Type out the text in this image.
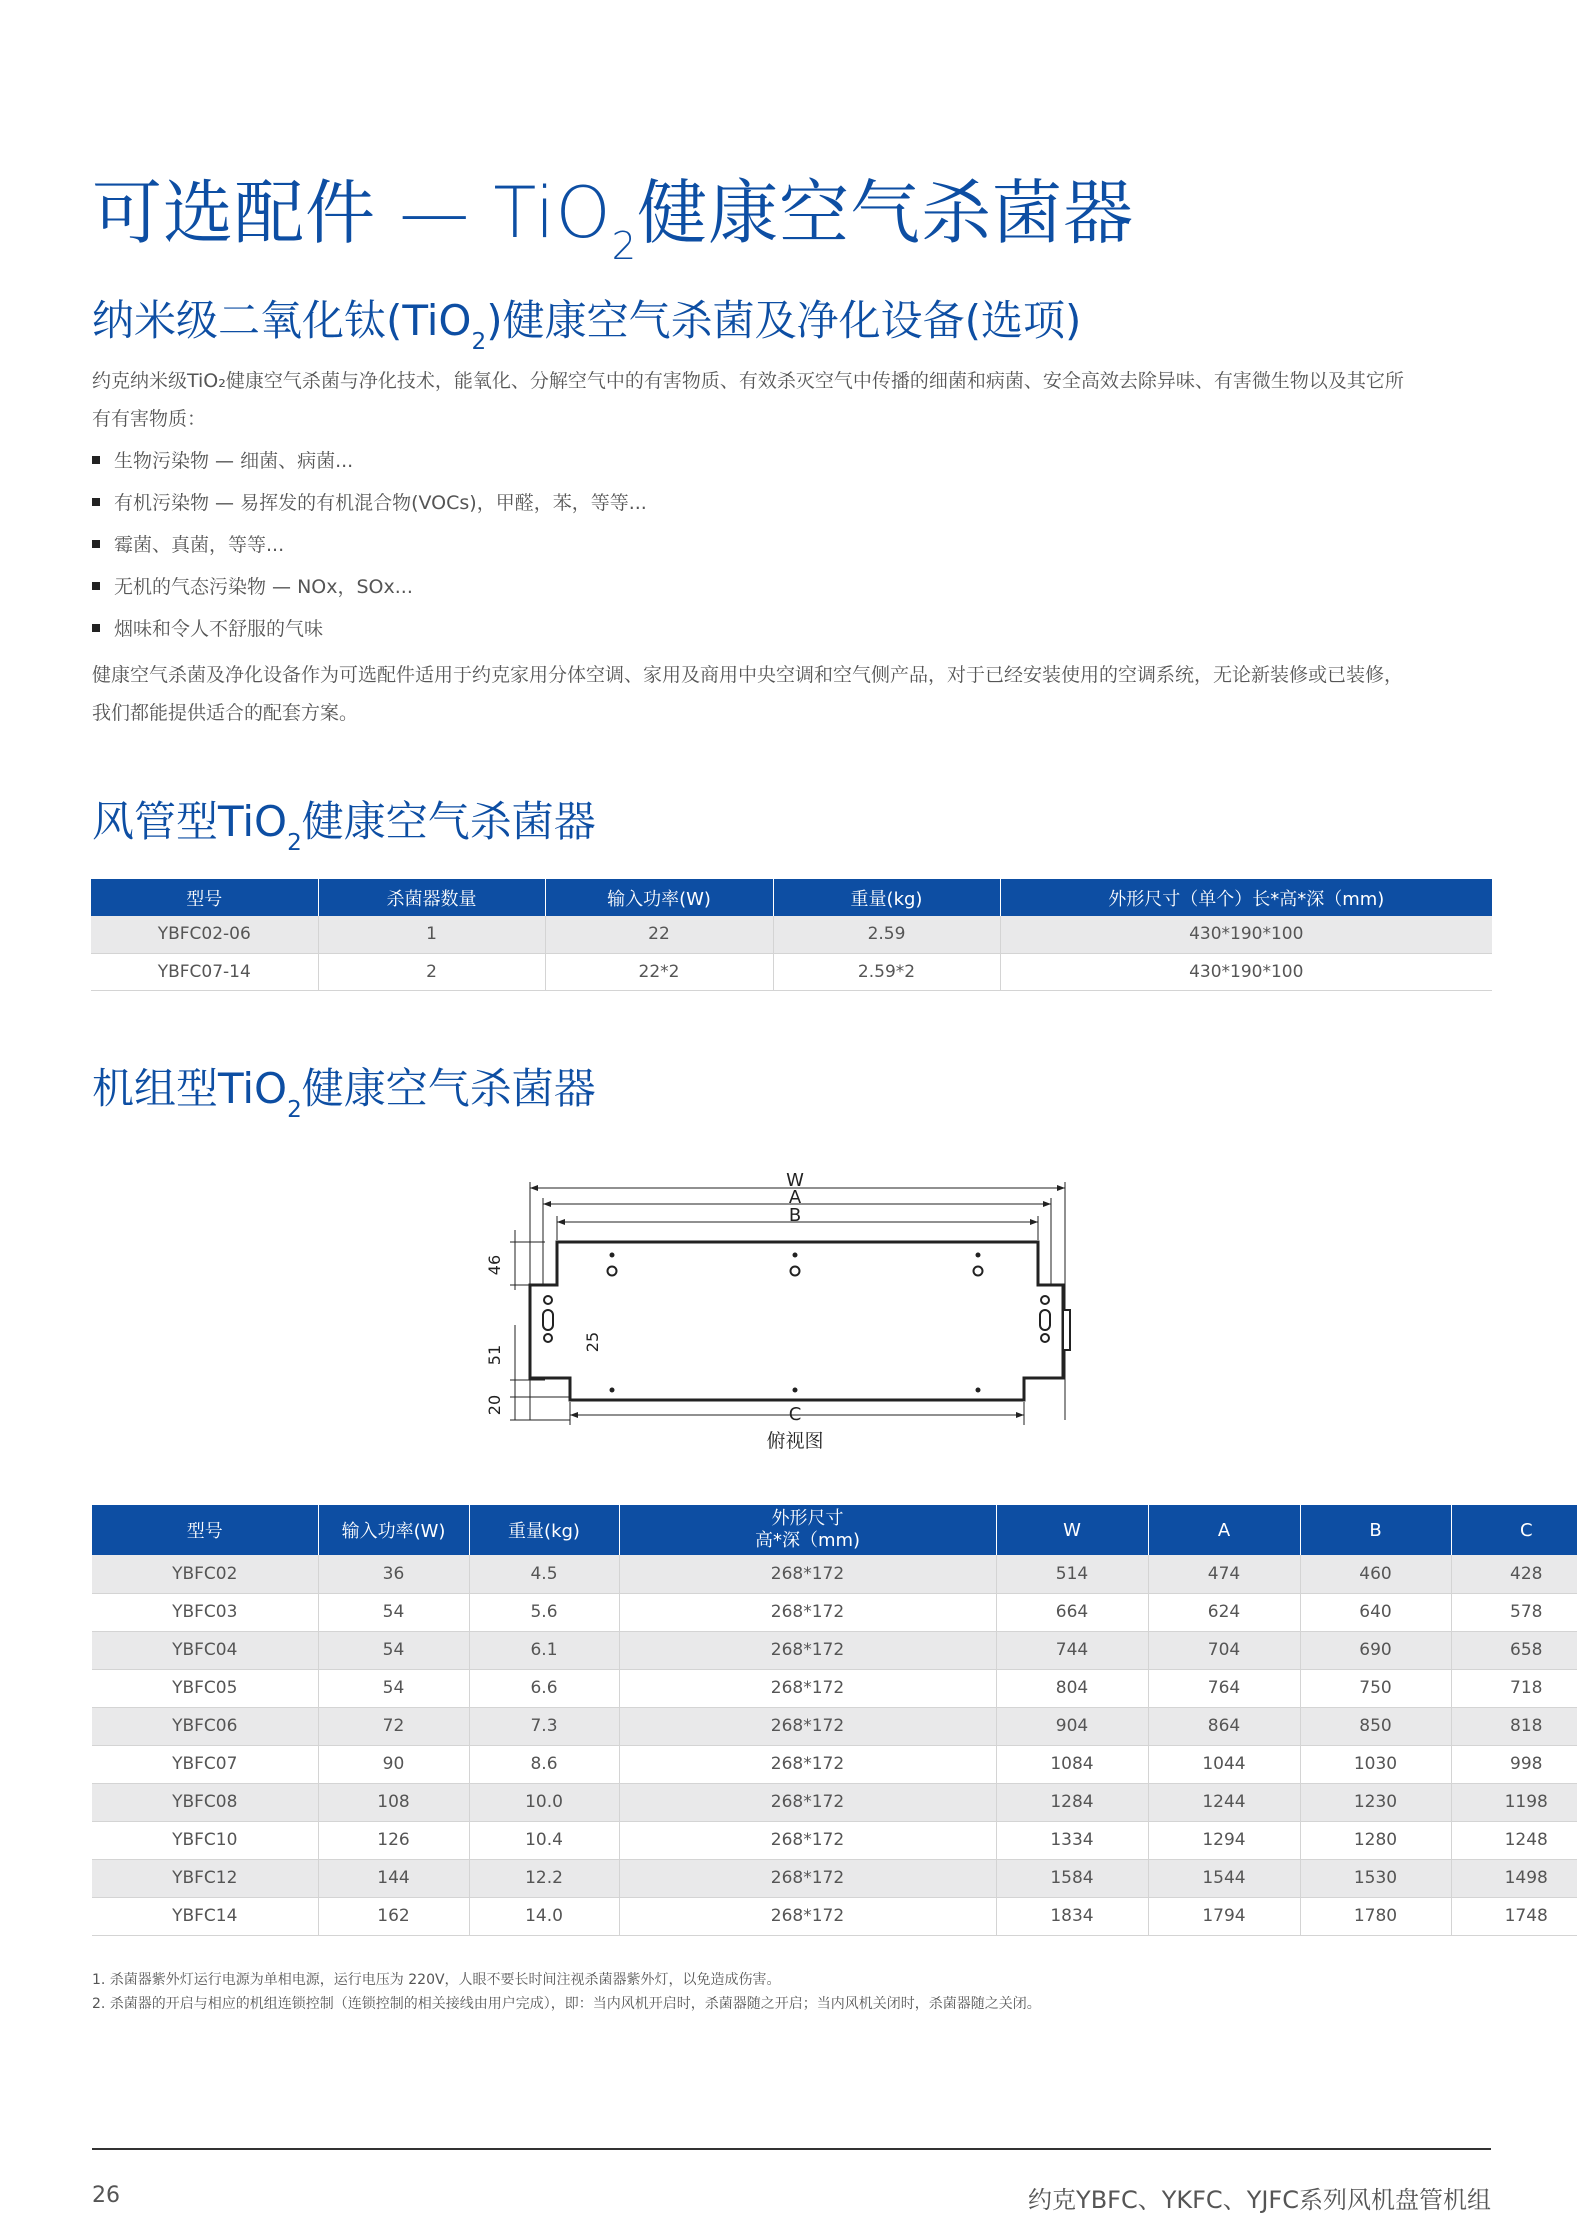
可选配件 — TiO$_2$健康空气杀菌器
纳米级二氧化钛(TiO$_2$)健康空气杀菌及净化设备(选项)
约克纳米级TiO₂健康空气杀菌与净化技术，能氧化、分解空气中的有害物质、有效杀灭空气中传播的细菌和病菌、安全高效去除异味、有害微生物以及其它所有有害物质：
生物污染物 — 细菌、病菌...
有机污染物 — 易挥发的有机混合物(VOCs)，甲醛，苯，等等...
霉菌、真菌，等等...
无机的气态污染物 — NOx，SOx...
烟味和令人不舒服的气味
健康空气杀菌及净化设备作为可选配件适用于约克家用分体空调、家用及商用中央空调和空气侧产品，对于已经安装使用的空调系统，无论新装修或已装修，我们都能提供适合的配套方案。
风管型TiO$_2$健康空气杀菌器
型号	杀菌器数量	输入功率(W)	重量(kg)	外形尺寸（单个）长*高*深（mm)
YBFC02-06	1	22	2.59	430*190*100
YBFC07-14	2	22*2	2.59*2	430*190*100
机组型TiO$_2$健康空气杀菌器
W
A
B
C
46
51
20
25
俯视图
型号	输入功率(W)	重量(kg)	外形尺寸
高*深（mm)	W	A	B	C
YBFC02	36	4.5	268*172	514	474	460	428
YBFC03	54	5.6	268*172	664	624	640	578
YBFC04	54	6.1	268*172	744	704	690	658
YBFC05	54	6.6	268*172	804	764	750	718
YBFC06	72	7.3	268*172	904	864	850	818
YBFC07	90	8.6	268*172	1084	1044	1030	998
YBFC08	108	10.0	268*172	1284	1244	1230	1198
YBFC10	126	10.4	268*172	1334	1294	1280	1248
YBFC12	144	12.2	268*172	1584	1544	1530	1498
YBFC14	162	14.0	268*172	1834	1794	1780	1748
1. 杀菌器紫外灯运行电源为单相电源，运行电压为 220V，人眼不要长时间注视杀菌器紫外灯，以免造成伤害。
2. 杀菌器的开启与相应的机组连锁控制（连锁控制的相关接线由用户完成），即：当内风机开启时，杀菌器随之开启；当内风机关闭时，杀菌器随之关闭。
26	约克YBFC、YKFC、YJFC系列风机盘管机组
